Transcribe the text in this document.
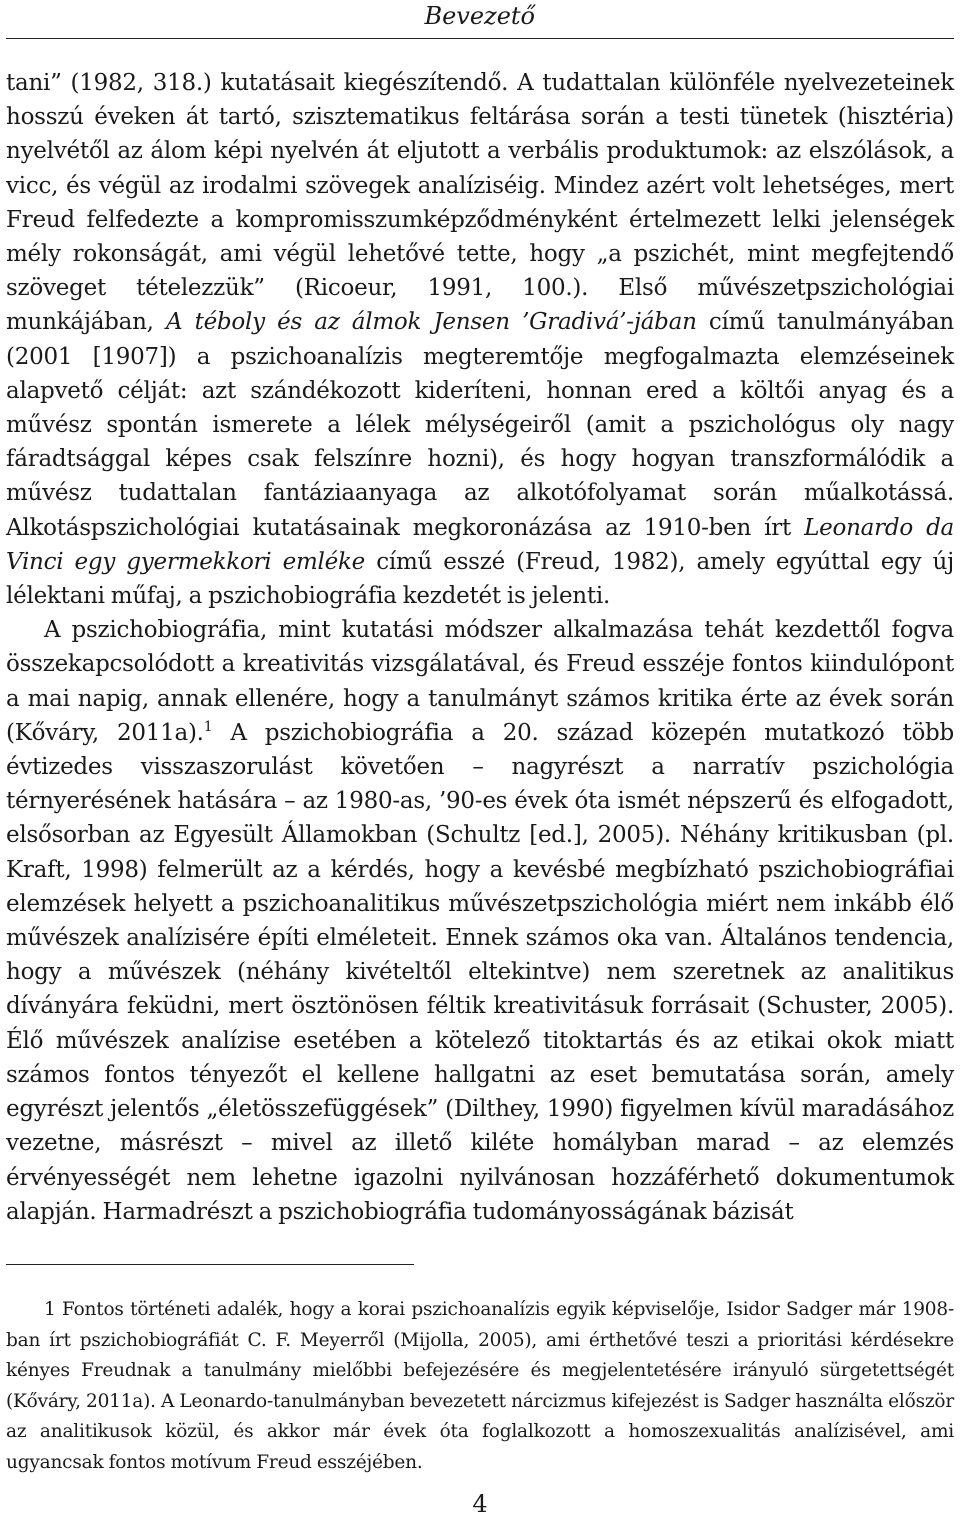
Bevezető

tani” (1982, 318.) kutatásait kiegészítendő. A tudattalan különféle nyelvezeteinek hosszú éveken át tartó, szisztematikus feltárása során a testi tünetek (hisztéria) nyelvétől az álom képi nyelvén át eljutott a verbális produktumok: az elszólások, a vicc, és végül az irodalmi szövegek analíziséig. Mindez azért volt lehetséges, mert Freud felfedezte a kompromisszumképződményként értelmezett lelki jelenségek mély rokonságát, ami végül lehetővé tette, hogy „a pszichét, mint megfejtendő szöveget tételezzük” (Ricoeur, 1991, 100.). Első művészetpszichológiai munkájában, A téboly és az álmok Jensen ’Gradivá’-jában című tanulmányában (2001 [1907]) a pszichoanalízis megteremtője megfogalmazta elemzéseinek alapvető célját: azt szándékozott kideríteni, honnan ered a költői anyag és a művész spontán ismerete a lélek mélységeiről (amit a pszichológus oly nagy fáradtsággal képes csak felszínre hozni), és hogy hogyan transzformálódik a művész tudattalan fantáziaanyaga az alkotófolyamat során műalkotássá. Alkotáspszichológiai kutatásainak megkoronázása az 1910-ben írt Leonardo da Vinci egy gyermekkori emléke című esszé (Freud, 1982), amely egyúttal egy új lélektani műfaj, a pszichobiográfia kezdetét is jelenti.

A pszichobiográfia, mint kutatási módszer alkalmazása tehát kezdettől fogva összekapcsolódott a kreativitás vizsgálatával, és Freud esszéje fontos kiindulópont a mai napig, annak ellenére, hogy a tanulmányt számos kritika érte az évek során (Kőváry, 2011a).$^1$ A pszichobiográfia a 20. század közepén mutatkozó több évtizedes visszaszorulást követően – nagyrészt a narratív pszichológia térnyerésének hatására – az 1980-as, ’90-es évek óta ismét népszerű és elfogadott, elsősorban az Egyesült Államokban (Schultz [ed.], 2005). Néhány kritikusban (pl. Kraft, 1998) felmerült az a kérdés, hogy a kevésbé megbízható pszichobiográfiai elemzések helyett a pszichoanalitikus művészetpszichológia miért nem inkább élő művészek analízisére építi elméleteit. Ennek számos oka van. Általános tendencia, hogy a művészek (néhány kivételtől eltekintve) nem szeretnek az analitikus díványára feküdni, mert ösztönösen féltik kreativitásuk forrásait (Schuster, 2005). Élő művészek analízise esetében a kötelező titoktartás és az etikai okok miatt számos fontos tényezőt el kellene hallgatni az eset bemutatása során, amely egyrészt jelentős „életösszefüggések” (Dilthey, 1990) figyelmen kívül maradásához vezetne, másrészt – mivel az illető kiléte homályban marad – az elemzés érvényességét nem lehetne igazolni nyilvánosan hozzáférhető dokumentumok alapján. Harmadrészt a pszichobiográfia tudományosságának bázisát

1 Fontos történeti adalék, hogy a korai pszichoanalízis egyik képviselője, Isidor Sadger már 1908-ban írt pszichobiográfiát C. F. Meyerről (Mijolla, 2005), ami érthetővé teszi a prioritási kérdésekre kényes Freudnak a tanulmány mielőbbi befejezésére és megjelentetésére irányuló sürgetettségét (Kőváry, 2011a). A Leonardo-tanulmányban bevezetett nárcizmus kifejezést is Sadger használta először az analitikusok közül, és akkor már évek óta foglalkozott a homoszexualitás analízisével, ami ugyancsak fontos motívum Freud esszéjében.

4
